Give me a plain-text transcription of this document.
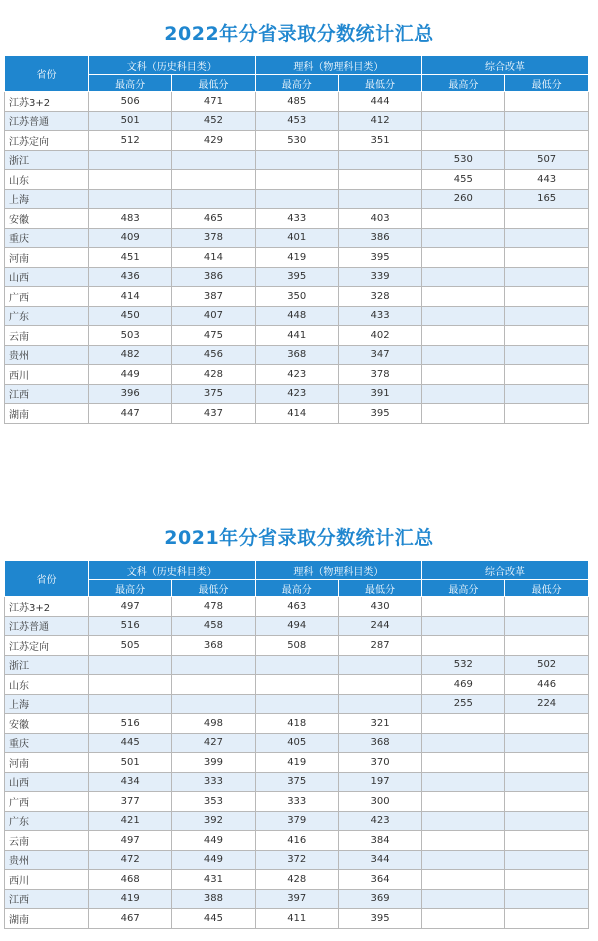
2022年分省录取分数统计汇总
省份	文科（历史科目类）		理科（物理科目类）		综合改革	
	最高分	最低分	最高分	最低分	最高分	最低分
江苏3+2	506	471	485	444		
江苏普通	501	452	453	412		
江苏定向	512	429	530	351		
浙江					530	507
山东					455	443
上海					260	165
安徽	483	465	433	403		
重庆	409	378	401	386		
河南	451	414	419	395		
山西	436	386	395	339		
广西	414	387	350	328		
广东	450	407	448	433		
云南	503	475	441	402		
贵州	482	456	368	347		
西川	449	428	423	378		
江西	396	375	423	391		
湖南	447	437	414	395		
2021年分省录取分数统计汇总
省份	文科（历史科目类）		理科（物理科目类）		综合改革	
	最高分	最低分	最高分	最低分	最高分	最低分
江苏3+2	497	478	463	430		
江苏普通	516	458	494	244		
江苏定向	505	368	508	287		
浙江					532	502
山东					469	446
上海					255	224
安徽	516	498	418	321		
重庆	445	427	405	368		
河南	501	399	419	370		
山西	434	333	375	197		
广西	377	353	333	300		
广东	421	392	379	423		
云南	497	449	416	384		
贵州	472	449	372	344		
西川	468	431	428	364		
江西	419	388	397	369		
湖南	467	445	411	395		
